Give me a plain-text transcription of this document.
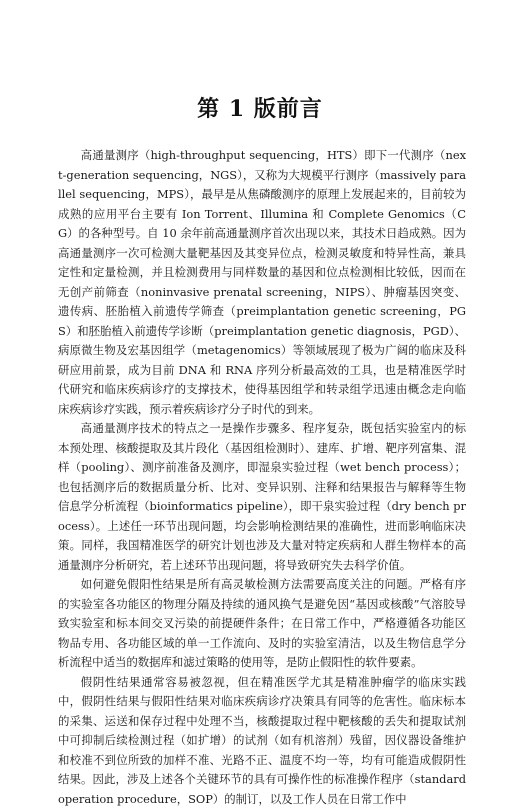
第 1 版前言

高通量测序（high-throughput sequencing，HTS）即下一代测序（next-generation sequencing，NGS），又称为大规模平行测序（massively parallel sequencing，MPS），最早是从焦磷酸测序的原理上发展起来的，目前较为成熟的应用平台主要有 Ion Torrent、Illumina 和 Complete Genomics（CG）的各种型号。自 10 余年前高通量测序首次出现以来，其技术日趋成熟。因为高通量测序一次可检测大量靶基因及其变异位点，检测灵敏度和特异性高，兼具定性和定量检测，并且检测费用与同样数量的基因和位点检测相比较低，因而在无创产前筛查（noninvasive prenatal screening，NIPS）、肿瘤基因突变、遗传病、胚胎植入前遗传学筛查（preimplantation genetic screening，PGS）和胚胎植入前遗传学诊断（preimplantation genetic diagnosis，PGD）、病原微生物及宏基因组学（metagenomics）等领域展现了极为广阔的临床及科研应用前景，成为目前 DNA 和 RNA 序列分析最高效的工具，也是精准医学时代研究和临床疾病诊疗的支撑技术，使得基因组学和转录组学迅速由概念走向临床疾病诊疗实践，预示着疾病诊疗分子时代的到来。

高通量测序技术的特点之一是操作步骤多、程序复杂，既包括实验室内的标本预处理、核酸提取及其片段化（基因组检测时）、建库、扩增、靶序列富集、混样（pooling）、测序前准备及测序，即湿泉实验过程（wet bench process）；也包括测序后的数据质量分析、比对、变异识别、注释和结果报告与解释等生物信息学分析流程（bioinformatics pipeline），即干泉实验过程（dry bench process）。上述任一环节出现问题，均会影响检测结果的准确性，进而影响临床决策。同样，我国精准医学的研究计划也涉及大量对特定疾病和人群生物样本的高通量测序分析研究，若上述环节出现问题，将导致研究失去科学价值。

如何避免假阳性结果是所有高灵敏检测方法需要高度关注的问题。严格有序的实验室各功能区的物理分隔及持续的通风换气是避免因“基因或核酸”气溶胶导致实验室和标本间交叉污染的前提硬件条件；在日常工作中，严格遵循各功能区物品专用、各功能区域的单一工作流向、及时的实验室清洁，以及生物信息学分析流程中适当的数据库和滤过策略的使用等，是防止假阳性的软件要素。

假阴性结果通常容易被忽视，但在精准医学尤其是精准肿瘤学的临床实践中，假阴性结果与假阳性结果对临床疾病诊疗决策具有同等的危害性。临床标本的采集、运送和保存过程中处理不当，核酸提取过程中靶核酸的丢失和提取试剂中可抑制后续检测过程（如扩增）的试剂（如有机溶剂）残留，因仪器设备维护和校准不到位所致的加样不准、光路不正、温度不均一等，均有可能造成假阴性结果。因此，涉及上述各个关键环节的具有可操作性的标准操作程序（standard operation procedure，SOP）的制订，以及工作人员在日常工作中
